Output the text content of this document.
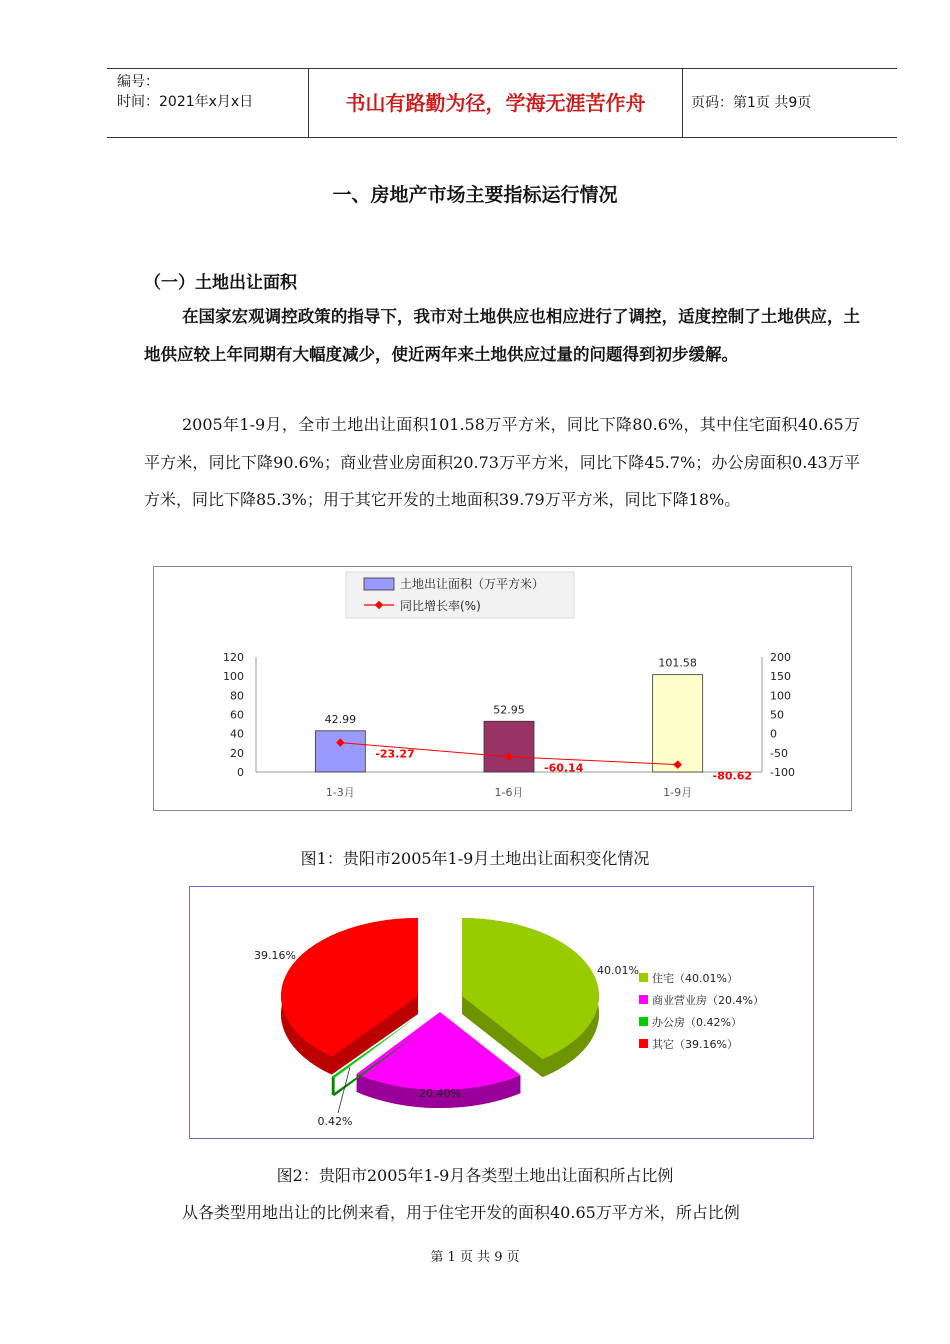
编号：
时间：2021年x月x日	书山有路勤为径，学海无涯苦作舟	页码：第1页 共9页
一、房地产市场主要指标运行情况
（一）土地出让面积
在国家宏观调控政策的指导下，我市对土地供应也相应进行了调控，适度控制了土地供应，土地供应较上年同期有大幅度减少，使近两年来土地供应过量的问题得到初步缓解。
2005年1-9月，全市土地出让面积101.58万平方米，同比下降80.6%，其中住宅面积40.65万平方米，同比下降90.6%；商业营业房面积20.73万平方米，同比下降45.7%；办公房面积0.43万平方米，同比下降85.3%；用于其它开发的土地面积39.79万平方米，同比下降18%。
土地出让面积（万平方米）
同比增长率(%)
120
100
80
60
40
20
0
200
150
100
50
0
-50
-100
42.99
1-3月
52.95
1-6月
101.58
1-9月
-23.27
-60.14
-80.62
图1：贵阳市2005年1-9月土地出让面积变化情况
40.01%
20.40%
0.42%
39.16%
住宅（40.01%）
商业营业房（20.4%）
办公房（0.42%）
其它（39.16%）
图2：贵阳市2005年1-9月各类型土地出让面积所占比例
从各类型用地出让的比例来看，用于住宅开发的面积40.65万平方米，所占比例
第 1 页 共 9 页
